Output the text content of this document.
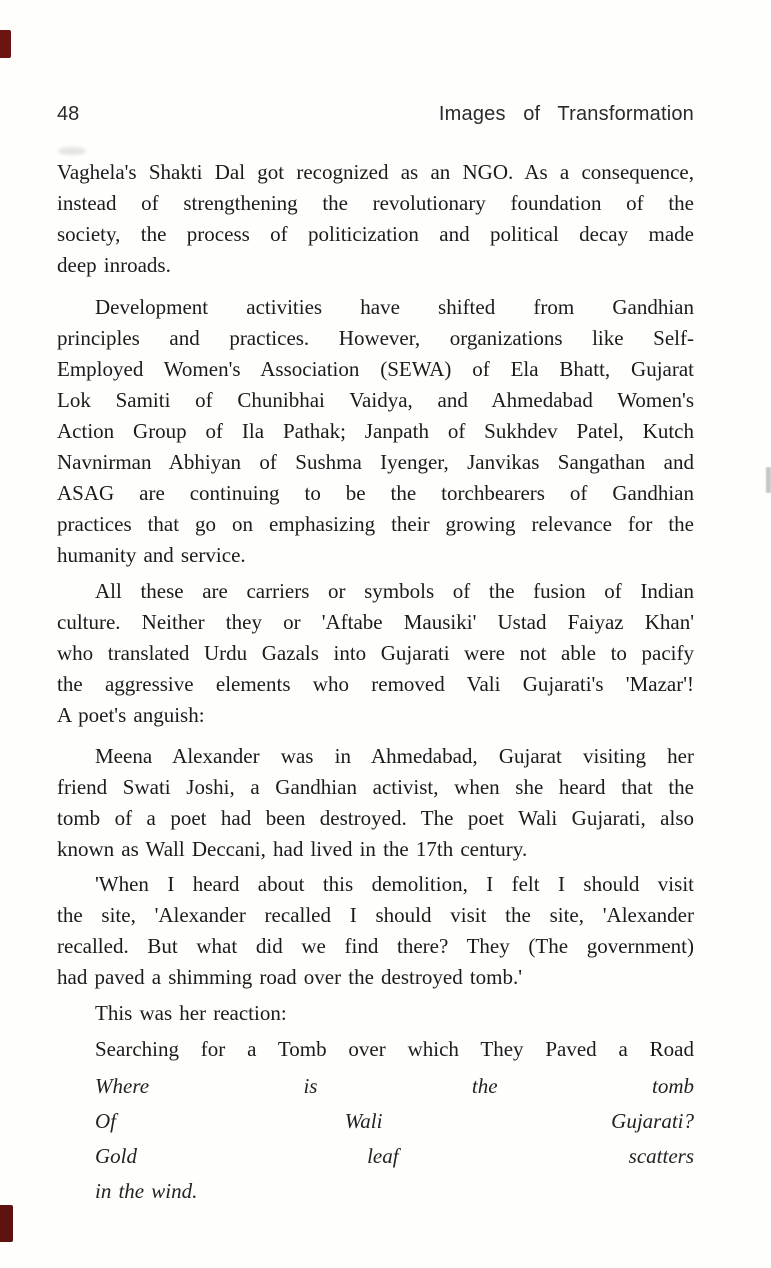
48	Images  of  Transformation
Vaghela's Shakti Dal got recognized as an NGO. As a consequence,
instead of strengthening the revolutionary foundation of the
society, the process of politicization and political decay made
deep inroads.
Development activities have shifted from Gandhian
principles and practices. However, organizations like Self-
Employed Women's Association (SEWA) of Ela Bhatt, Gujarat
Lok Samiti of Chunibhai Vaidya, and Ahmedabad Women's
Action Group of Ila Pathak; Janpath of Sukhdev Patel, Kutch
Navnirman Abhiyan of Sushma Iyenger, Janvikas Sangathan and
ASAG are continuing to be the torchbearers of Gandhian
practices that go on emphasizing their growing relevance for the
humanity and service.
All these are carriers or symbols of the fusion of Indian
culture. Neither they or 'Aftabe Mausiki' Ustad Faiyaz Khan'
who translated Urdu Gazals into Gujarati were not able to pacify
the aggressive elements who removed Vali Gujarati's 'Mazar'!
A poet's anguish:
Meena Alexander was in Ahmedabad, Gujarat visiting her
friend Swati Joshi, a Gandhian activist, when she heard that the
tomb of a poet had been destroyed. The poet Wali Gujarati, also
known as Wall Deccani, had lived in the 17th century.
'When I heard about this demolition, I felt I should visit
the site, 'Alexander recalled I should visit the site, 'Alexander
recalled. But what did we find there? They (The government)
had paved a shimming road over the destroyed tomb.'
This was her reaction:
Searching for a Tomb over which They Paved a Road
Where is the tomb
Of Wali Gujarati?
Gold leaf scatters
in the wind.
